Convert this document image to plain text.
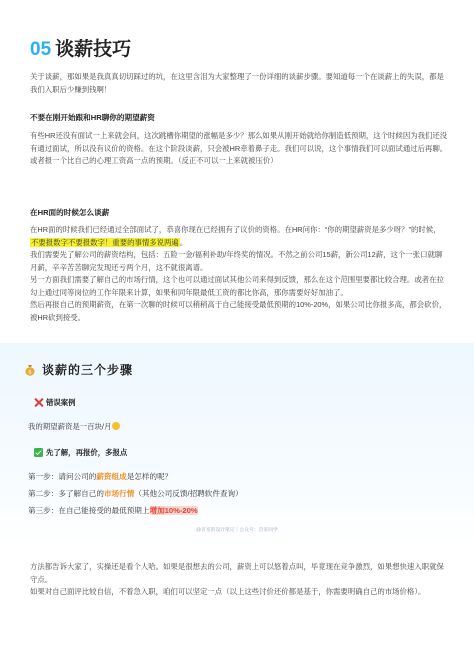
05 谈薪技巧
关于谈薪，那如果是我真真切切踩过的坑，在这里含泪为大家整理了一份详细的谈薪步骤。要知道每一个在谈薪上的失误，都是我们入职后少赚到钱啊！
不要在刚开始跟和HR聊你的期望薪资
有些HR还没有面试一上来就会问，这次跳槽你期望的涨幅是多少？那么如果从刚开始就给你制造低预期，这个时候因为我们还没有通过面试，所以没有议价的资格。在这个阶段谈薪，只会被HR牵着鼻子走。我们可以说，这个事情我们可以面试通过后再聊。或者报一个比自己的心理工资高一点的预期。（反正不可以一上来就被压价）
在HR面的时候怎么谈薪
在HR面的时候我们已经通过全部面试了，恭喜你现在已经拥有了议价的资格。在HR问你：“你的期望薪资是多少呀？”的时候，不要报数字不要报数字！重要的事情多说两遍。
我们需要先了解公司的薪资结构，包括：五险一金/福利补助/年终奖的情况。不然之前公司15薪，新公司12薪，这个一张口就聊月薪，辛辛苦苦聊完发现还亏两个月，这不就很离谱。
另一方面我们需要了解自己的市场行情，这个也可以通过面试其他公司来得到反馈，那么在这个范围里要都比较合理。或者在拉勾上通过同等岗位的工作年限来计算，如果和同年限最低工资的都比你高，那你需要好好加油了。
然后再报自己的预期薪资，在第一次聊的时候可以稍稍高于自己能接受最低预期的10%-20%，如果公司比你报多高，都会砍价，被HR砍到接受。
$ 谈薪的三个步骤
错误案例
我的期望薪资是一百块/月
先了解，再报价，多报点
第一步：请问公司的薪资组成是怎样的呢？
第二步：多了解自己的市场行情（其他公司反馈/招聘软件查询）
第三步：在自己能接受的最低预期上增加10%-20%
@首室的设计笔记｜公众号：首室同学
方法都告诉大家了，实操还是看个人哈。如果是很想去的公司，薪资上可以悠着点叫，毕竟现在竞争激烈，如果想快速入职就保守点。
如果对自己面评比较自信，不着急入职，咱们可以坚定一点（以上这些讨价还价都是基于，你需要明确自己的市场价格）。
